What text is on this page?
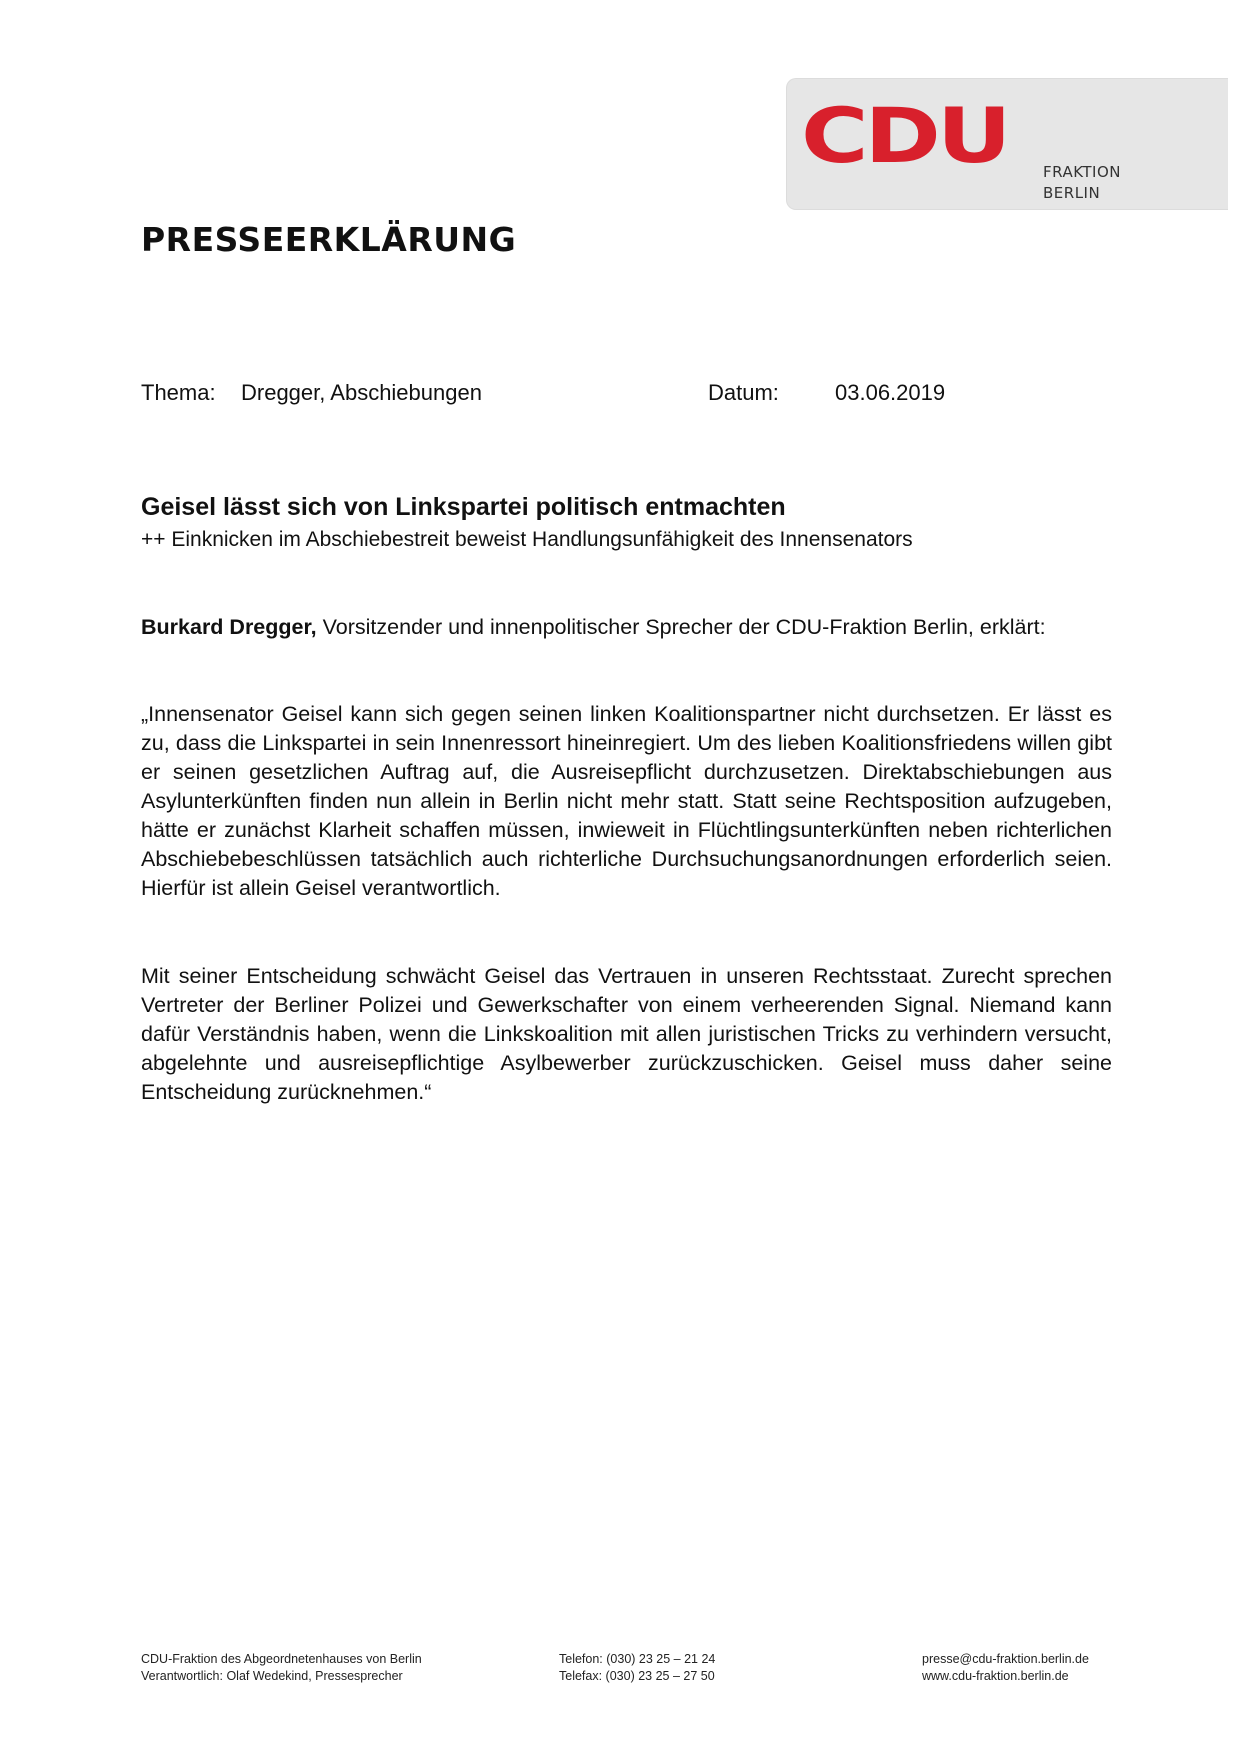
CDU FRAKTION
BERLIN
PRESSEERKLÄRUNG
Thema: Dregger, Abschiebungen	Datum:	03.06.2019
Geisel lässt sich von Linkspartei politisch entmachten

++ Einknicken im Abschiebestreit beweist Handlungsunfähigkeit des Innensenators

Burkard Dregger, Vorsitzender und innenpolitischer Sprecher der CDU-Fraktion Berlin, erklärt:

„Innensenator Geisel kann sich gegen seinen linken Koalitionspartner nicht durchsetzen. Er lässt es zu, dass die Linkspartei in sein Innenressort hineinregiert. Um des lieben Koalitionsfriedens willen gibt er seinen gesetzlichen Auftrag auf, die Ausreisepflicht durchzusetzen. Direktabschiebungen aus Asylunterkünften finden nun allein in Berlin nicht mehr statt. Statt seine Rechtsposition aufzugeben, hätte er zunächst Klarheit schaffen müssen, inwieweit in Flüchtlingsunterkünften neben richterlichen Abschiebebeschlüssen tatsächlich auch richterliche Durchsuchungsanordnungen erforderlich seien. Hierfür ist allein Geisel verantwortlich.

Mit seiner Entscheidung schwächt Geisel das Vertrauen in unseren Rechtsstaat. Zurecht sprechen Vertreter der Berliner Polizei und Gewerkschafter von einem verheerenden Signal. Niemand kann dafür Verständnis haben, wenn die Linkskoalition mit allen juristischen Tricks zu verhindern versucht, abgelehnte und ausreisepflichtige Asylbewerber zurückzuschicken. Geisel muss daher seine Entscheidung zurücknehmen.“

CDU-Fraktion des Abgeordnetenhauses von Berlin
Verantwortlich: Olaf Wedekind, Pressesprecher
Telefon: (030) 23 25 – 21 24
Telefax: (030) 23 25 – 27 50
presse@cdu-fraktion.berlin.de
www.cdu-fraktion.berlin.de
